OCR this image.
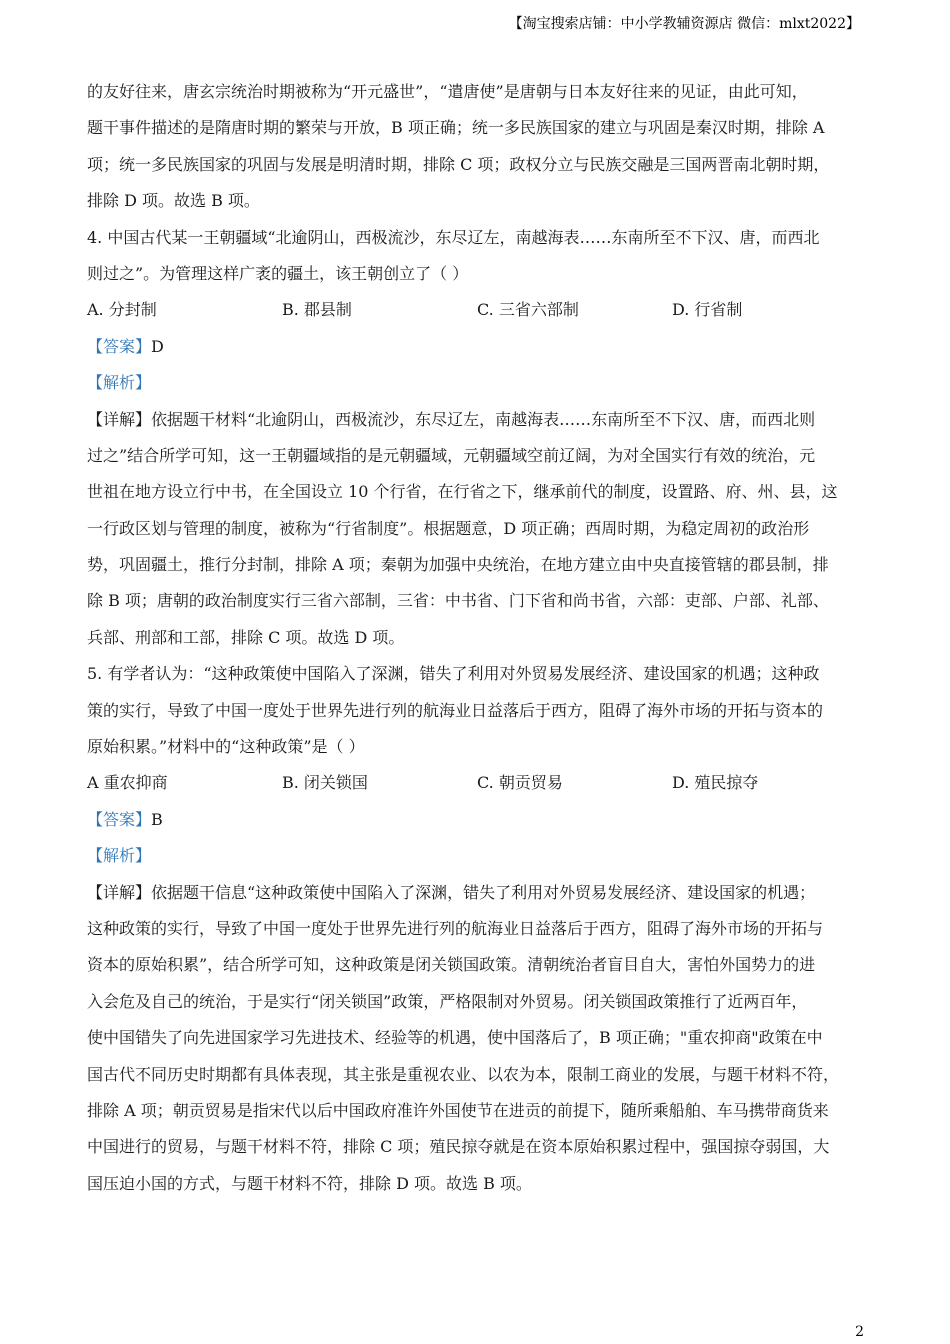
【淘宝搜索店铺：中小学教辅资源店 微信：mlxt2022】
的友好往来，唐玄宗统治时期被称为“开元盛世”，“遣唐使”是唐朝与日本友好往来的见证，由此可知，
题干事件描述的是隋唐时期的繁荣与开放，B 项正确；统一多民族国家的建立与巩固是秦汉时期，排除 A
项；统一多民族国家的巩固与发展是明清时期，排除 C 项；政权分立与民族交融是三国两晋南北朝时期，
排除 D 项。故选 B 项。
4. 中国古代某一王朝疆域“北逾阴山，西极流沙，东尽辽左，南越海表……东南所至不下汉、唐，而西北
则过之”。为管理这样广袤的疆土，该王朝创立了（ ）
A. 分封制	B. 郡县制	C. 三省六部制	D. 行省制
【答案】D
【解析】
【详解】依据题干材料“北逾阴山，西极流沙，东尽辽左，南越海表……东南所至不下汉、唐，而西北则
过之”结合所学可知，这一王朝疆域指的是元朝疆域，元朝疆域空前辽阔，为对全国实行有效的统治，元
世祖在地方设立行中书，在全国设立 10 个行省，在行省之下，继承前代的制度，设置路、府、州、县，这
一行政区划与管理的制度，被称为“行省制度”。根据题意，D 项正确；西周时期，为稳定周初的政治形
势，巩固疆土，推行分封制，排除 A 项；秦朝为加强中央统治，在地方建立由中央直接管辖的郡县制，排
除 B 项；唐朝的政治制度实行三省六部制，三省：中书省、门下省和尚书省，六部：吏部、户部、礼部、
兵部、刑部和工部，排除 C 项。故选 D 项。
5. 有学者认为：“这种政策使中国陷入了深渊，错失了利用对外贸易发展经济、建设国家的机遇；这种政
策的实行，导致了中国一度处于世界先进行列的航海业日益落后于西方，阻碍了海外市场的开拓与资本的
原始积累。”材料中的“这种政策”是（ ）
A 重农抑商	B. 闭关锁国	C. 朝贡贸易	D. 殖民掠夺
【答案】B
【解析】
【详解】依据题干信息“这种政策使中国陷入了深渊，错失了利用对外贸易发展经济、建设国家的机遇；
这种政策的实行，导致了中国一度处于世界先进行列的航海业日益落后于西方，阻碍了海外市场的开拓与
资本的原始积累”，结合所学可知，这种政策是闭关锁国政策。清朝统治者盲目自大，害怕外国势力的进
入会危及自己的统治，于是实行“闭关锁国”政策，严格限制对外贸易。闭关锁国政策推行了近两百年，
使中国错失了向先进国家学习先进技术、经验等的机遇，使中国落后了，B 项正确；"重农抑商"政策在中
国古代不同历史时期都有具体表现，其主张是重视农业、以农为本，限制工商业的发展，与题干材料不符，
排除 A 项；朝贡贸易是指宋代以后中国政府准许外国使节在进贡的前提下，随所乘船舶、车马携带商货来
中国进行的贸易，与题干材料不符，排除 C 项；殖民掠夺就是在资本原始积累过程中，强国掠夺弱国，大
国压迫小国的方式，与题干材料不符，排除 D 项。故选 B 项。
2
